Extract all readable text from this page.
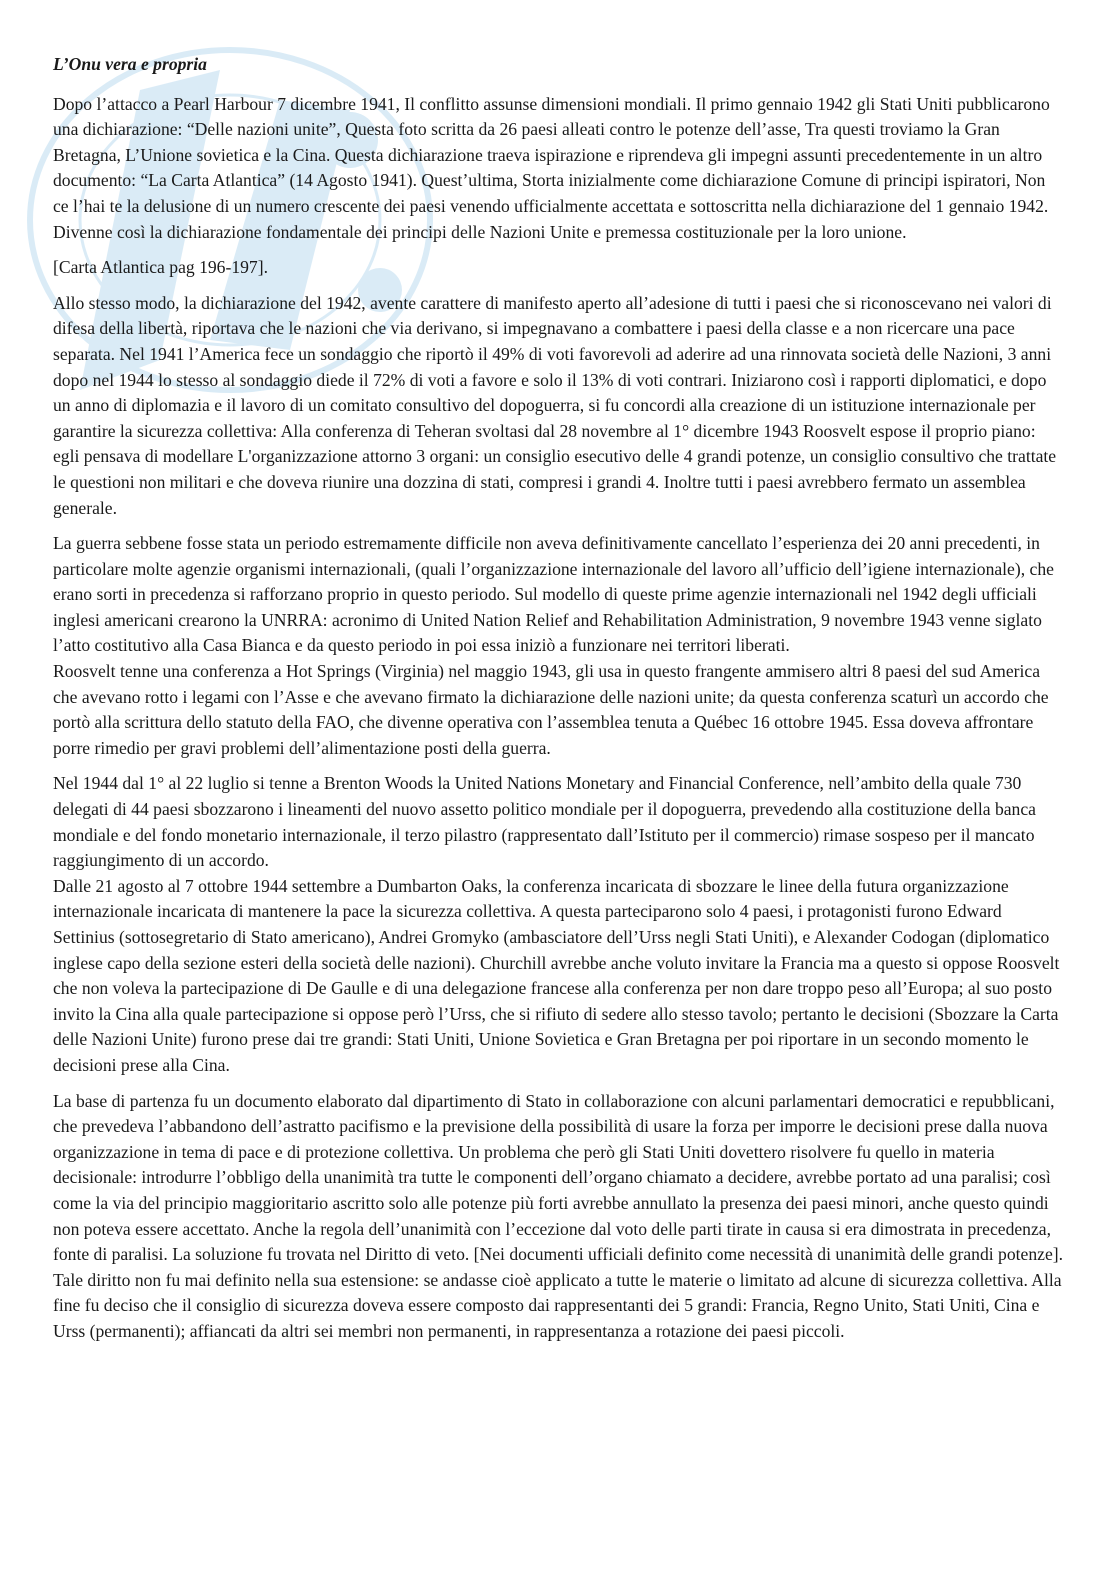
L’Onu vera e propria

Dopo l’attacco a Pearl Harbour 7 dicembre 1941, Il conflitto assunse dimensioni mondiali. Il primo gennaio 1942 gli Stati Uniti pubblicarono una dichiarazione: “Delle nazioni unite”, Questa foto scritta da 26 paesi alleati contro le potenze dell’asse, Tra questi troviamo la Gran Bretagna, L’Unione sovietica e la Cina. Questa dichiarazione traeva ispirazione e riprendeva gli impegni assunti precedentemente in un altro documento: “La Carta Atlantica” (14 Agosto 1941). Quest’ultima, Storta inizialmente come dichiarazione Comune di principi ispiratori, Non ce l’hai te la delusione di un numero crescente dei paesi venendo ufficialmente accettata e sottoscritta nella dichiarazione del 1 gennaio 1942. Divenne così la dichiarazione fondamentale dei principi delle Nazioni Unite e premessa costituzionale per la loro unione.

[Carta Atlantica pag 196-197].

Allo stesso modo, la dichiarazione del 1942, avente carattere di manifesto aperto all’adesione di tutti i paesi che si riconoscevano nei valori di difesa della libertà, riportava che le nazioni che via derivano, si impegnavano a combattere i paesi della classe e a non ricercare una pace separata. Nel 1941 l’America fece un sondaggio che riportò il 49% di voti favorevoli ad aderire ad una rinnovata società delle Nazioni, 3 anni dopo nel 1944 lo stesso al sondaggio diede il 72% di voti a favore e solo il 13% di voti contrari. Iniziarono così i rapporti diplomatici, e dopo un anno di diplomazia e il lavoro di un comitato consultivo del dopoguerra, si fu concordi alla creazione di un istituzione internazionale per garantire la sicurezza collettiva: Alla conferenza di Teheran svoltasi dal 28 novembre al 1° dicembre 1943 Roosvelt espose il proprio piano: egli pensava di modellare L'organizzazione attorno 3 organi: un consiglio esecutivo delle 4 grandi potenze, un consiglio consultivo che trattate le questioni non militari e che doveva riunire una dozzina di stati, compresi i grandi 4. Inoltre tutti i paesi avrebbero fermato un assemblea generale.

La guerra sebbene fosse stata un periodo estremamente difficile non aveva definitivamente cancellato l’esperienza dei 20 anni precedenti, in particolare molte agenzie organismi internazionali, (quali l’organizzazione internazionale del lavoro all’ufficio dell’igiene internazionale), che erano sorti in precedenza si rafforzano proprio in questo periodo. Sul modello di queste prime agenzie internazionali nel 1942 degli ufficiali inglesi americani crearono la UNRRA: acronimo di United Nation Relief and Rehabilitation Administration, 9 novembre 1943 venne siglato l’atto costitutivo alla Casa Bianca e da questo periodo in poi essa iniziò a funzionare nei territori liberati.

Roosvelt tenne una conferenza a Hot Springs (Virginia) nel maggio 1943, gli usa in questo frangente ammisero altri 8 paesi del sud America che avevano rotto i legami con l’Asse e che avevano firmato la dichiarazione delle nazioni unite; da questa conferenza scaturì un accordo che portò alla scrittura dello statuto della FAO, che divenne operativa con l’assemblea tenuta a Québec 16 ottobre 1945. Essa doveva affrontare porre rimedio per gravi problemi dell’alimentazione posti della guerra.

Nel 1944 dal 1° al 22 luglio si tenne a Brenton Woods la United Nations Monetary and Financial Conference, nell’ambito della quale 730 delegati di 44 paesi sbozzarono i lineamenti del nuovo assetto politico mondiale per il dopoguerra, prevedendo alla costituzione della banca mondiale e del fondo monetario internazionale, il terzo pilastro (rappresentato dall’Istituto per il commercio) rimase sospeso per il mancato raggiungimento di un accordo.

Dalle 21 agosto al 7 ottobre 1944 settembre a Dumbarton Oaks, la conferenza incaricata di sbozzare le linee della futura organizzazione internazionale incaricata di mantenere la pace la sicurezza collettiva. A questa parteciparono solo 4 paesi, i protagonisti furono Edward Settinius (sottosegretario di Stato americano), Andrei Gromyko (ambasciatore dell’Urss negli Stati Uniti), e Alexander Codogan (diplomatico inglese capo della sezione esteri della società delle nazioni). Churchill avrebbe anche voluto invitare la Francia ma a questo si oppose Roosvelt che non voleva la partecipazione di De Gaulle e di una delegazione francese alla conferenza per non dare troppo peso all’Europa; al suo posto invito la Cina alla quale partecipazione si oppose però l’Urss, che si rifiuto di sedere allo stesso tavolo; pertanto le decisioni (Sbozzare la Carta delle Nazioni Unite) furono prese dai tre grandi: Stati Uniti, Unione Sovietica e Gran Bretagna per poi riportare in un secondo momento le decisioni prese alla Cina.

La base di partenza fu un documento elaborato dal dipartimento di Stato in collaborazione con alcuni parlamentari democratici e repubblicani, che prevedeva l’abbandono dell’astratto pacifismo e la previsione della possibilità di usare la forza per imporre le decisioni prese dalla nuova organizzazione in tema di pace e di protezione collettiva. Un problema che però gli Stati Uniti dovettero risolvere fu quello in materia decisionale: introdurre l’obbligo della unanimità tra tutte le componenti dell’organo chiamato a decidere, avrebbe portato ad una paralisi; così come la via del principio maggioritario ascritto solo alle potenze più forti avrebbe annullato la presenza dei paesi minori, anche questo quindi non poteva essere accettato. Anche la regola dell’unanimità con l’eccezione dal voto delle parti tirate in causa si era dimostrata in precedenza, fonte di paralisi. La soluzione fu trovata nel Diritto di veto. [Nei documenti ufficiali definito come necessità di unanimità delle grandi potenze]. Tale diritto non fu mai definito nella sua estensione: se andasse cioè applicato a tutte le materie o limitato ad alcune di sicurezza collettiva. Alla fine fu deciso che il consiglio di sicurezza doveva essere composto dai rappresentanti dei 5 grandi: Francia, Regno Unito, Stati Uniti, Cina e Urss (permanenti); affiancati da altri sei membri non permanenti, in rappresentanza a rotazione dei paesi piccoli.
